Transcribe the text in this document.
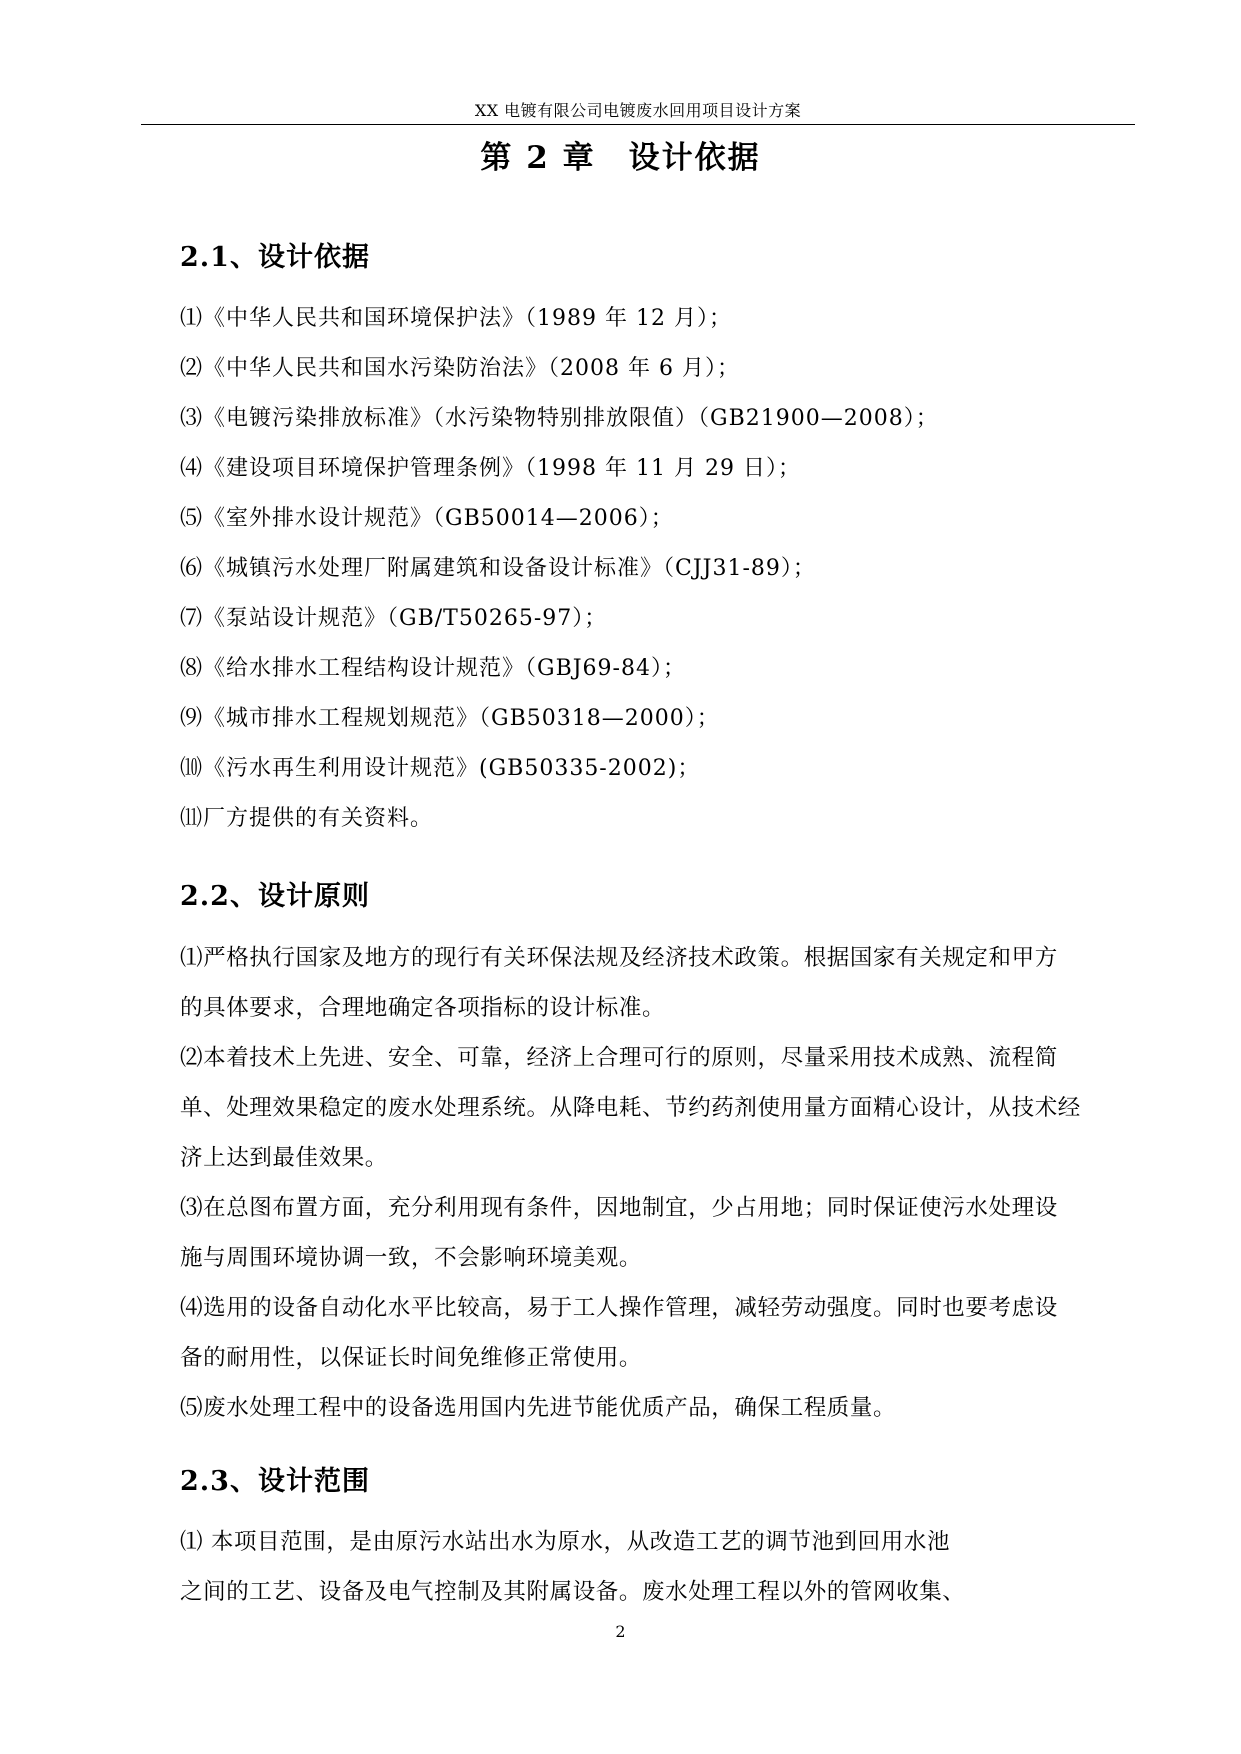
XX 电镀有限公司电镀废水回用项目设计方案
第 2 章　设计依据
2.1、设计依据
⑴《中华人民共和国环境保护法》（1989 年 12 月）；
⑵《中华人民共和国水污染防治法》（2008 年 6 月）；
⑶《电镀污染排放标准》（水污染物特别排放限值）（GB21900—2008）；
⑷《建设项目环境保护管理条例》（1998 年 11 月 29 日）；
⑸《室外排水设计规范》（GB50014—2006）；
⑹《城镇污水处理厂附属建筑和设备设计标准》（CJJ31-89）；
⑺《泵站设计规范》（GB/T50265-97）；
⑻《给水排水工程结构设计规范》（GBJ69-84）；
⑼《城市排水工程规划规范》（GB50318—2000）；
⑽《污水再生利用设计规范》(GB50335-2002)；
⑾厂方提供的有关资料。
2.2、设计原则

⑴严格执行国家及地方的现行有关环保法规及经济技术政策。根据国家有关规定和甲方

的具体要求，合理地确定各项指标的设计标准。

⑵本着技术上先进、安全、可靠，经济上合理可行的原则，尽量采用技术成熟、流程简

单、处理效果稳定的废水处理系统。从降电耗、节约药剂使用量方面精心设计，从技术经

济上达到最佳效果。

⑶在总图布置方面，充分利用现有条件，因地制宜，少占用地；同时保证使污水处理设

施与周围环境协调一致，不会影响环境美观。

⑷选用的设备自动化水平比较高，易于工人操作管理，减轻劳动强度。同时也要考虑设

备的耐用性，以保证长时间免维修正常使用。

⑸废水处理工程中的设备选用国内先进节能优质产品，确保工程质量。

2.3、设计范围

⑴ 本项目范围，是由原污水站出水为原水，从改造工艺的调节池到回用水池

之间的工艺、设备及电气控制及其附属设备。废水处理工程以外的管网收集、

2
